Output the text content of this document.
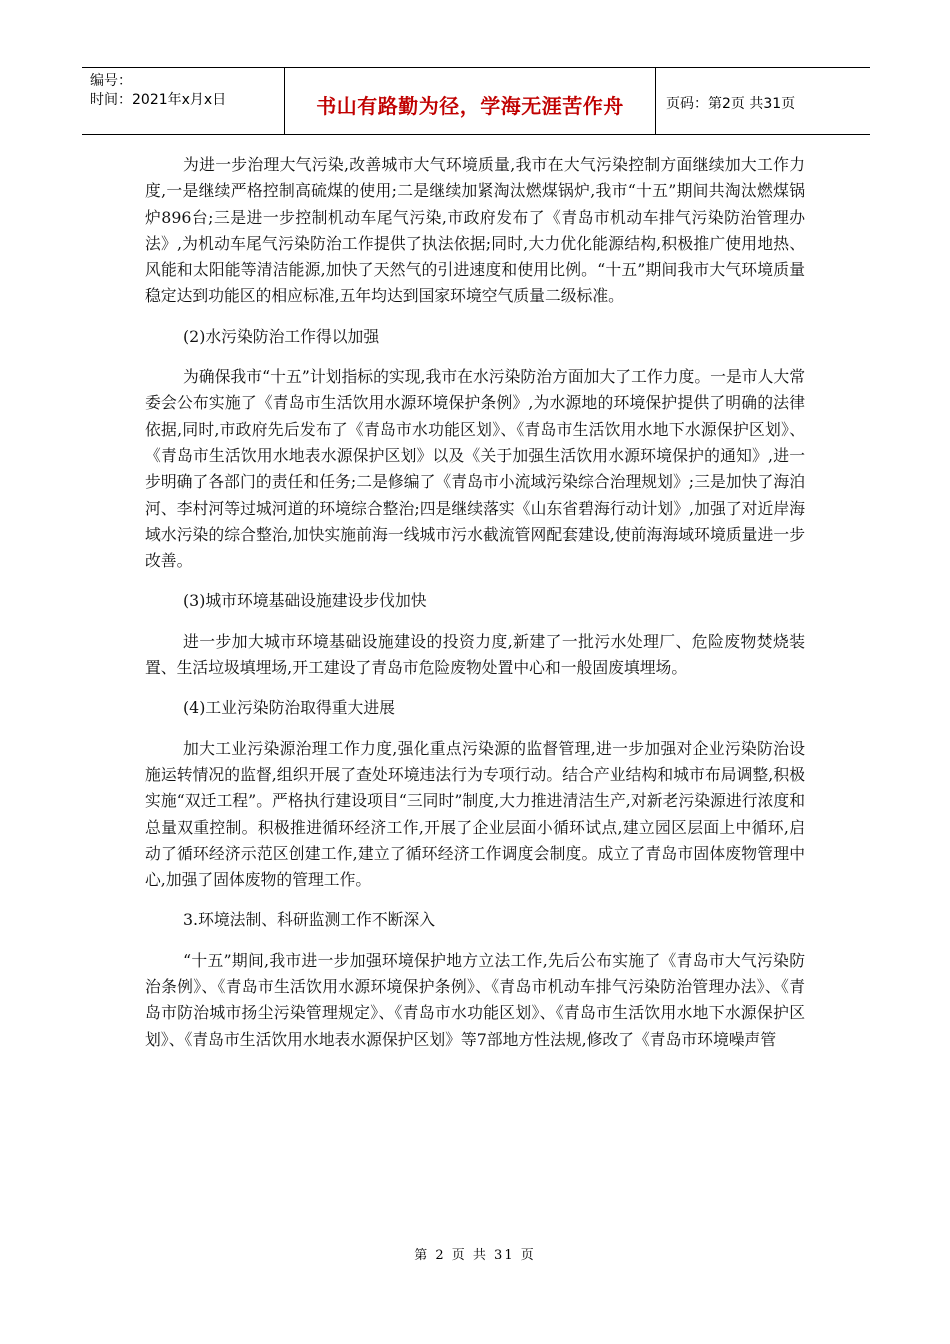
编号：
时间：2021年x月x日	书山有路勤为径，学海无涯苦作舟	页码：第2页 共31页

为进一步治理大气污染,改善城市大气环境质量,我市在大气污染控制方面继续加大工作力度,一是继续严格控制高硫煤的使用;二是继续加紧淘汰燃煤锅炉,我市“十五”期间共淘汰燃煤锅炉896台;三是进一步控制机动车尾气污染,市政府发布了《青岛市机动车排气污染防治管理办法》,为机动车尾气污染防治工作提供了执法依据;同时,大力优化能源结构,积极推广使用地热、风能和太阳能等清洁能源,加快了天然气的引进速度和使用比例。“十五”期间我市大气环境质量稳定达到功能区的相应标准,五年均达到国家环境空气质量二级标准。

(2)水污染防治工作得以加强

为确保我市“十五”计划指标的实现,我市在水污染防治方面加大了工作力度。一是市人大常委会公布实施了《青岛市生活饮用水源环境保护条例》,为水源地的环境保护提供了明确的法律依据,同时,市政府先后发布了《青岛市水功能区划》、《青岛市生活饮用水地下水源保护区划》、《青岛市生活饮用水地表水源保护区划》以及《关于加强生活饮用水源环境保护的通知》,进一步明确了各部门的责任和任务;二是修编了《青岛市小流域污染综合治理规划》;三是加快了海泊河、李村河等过城河道的环境综合整治;四是继续落实《山东省碧海行动计划》,加强了对近岸海域水污染的综合整治,加快实施前海一线城市污水截流管网配套建设,使前海海域环境质量进一步改善。

(3)城市环境基础设施建设步伐加快

进一步加大城市环境基础设施建设的投资力度,新建了一批污水处理厂、危险废物焚烧装置、生活垃圾填埋场,开工建设了青岛市危险废物处置中心和一般固废填埋场。

(4)工业污染防治取得重大进展

加大工业污染源治理工作力度,强化重点污染源的监督管理,进一步加强对企业污染防治设施运转情况的监督,组织开展了查处环境违法行为专项行动。结合产业结构和城市布局调整,积极实施“双迁工程”。严格执行建设项目“三同时”制度,大力推进清洁生产,对新老污染源进行浓度和总量双重控制。积极推进循环经济工作,开展了企业层面小循环试点,建立园区层面上中循环,启动了循环经济示范区创建工作,建立了循环经济工作调度会制度。成立了青岛市固体废物管理中心,加强了固体废物的管理工作。

3.环境法制、科研监测工作不断深入

“十五”期间,我市进一步加强环境保护地方立法工作,先后公布实施了《青岛市大气污染防治条例》、《青岛市生活饮用水源环境保护条例》、《青岛市机动车排气污染防治管理办法》、《青岛市防治城市扬尘污染管理规定》、《青岛市水功能区划》、《青岛市生活饮用水地下水源保护区划》、《青岛市生活饮用水地表水源保护区划》等7部地方性法规,修改了《青岛市环境噪声管

第 2 页 共 31 页
